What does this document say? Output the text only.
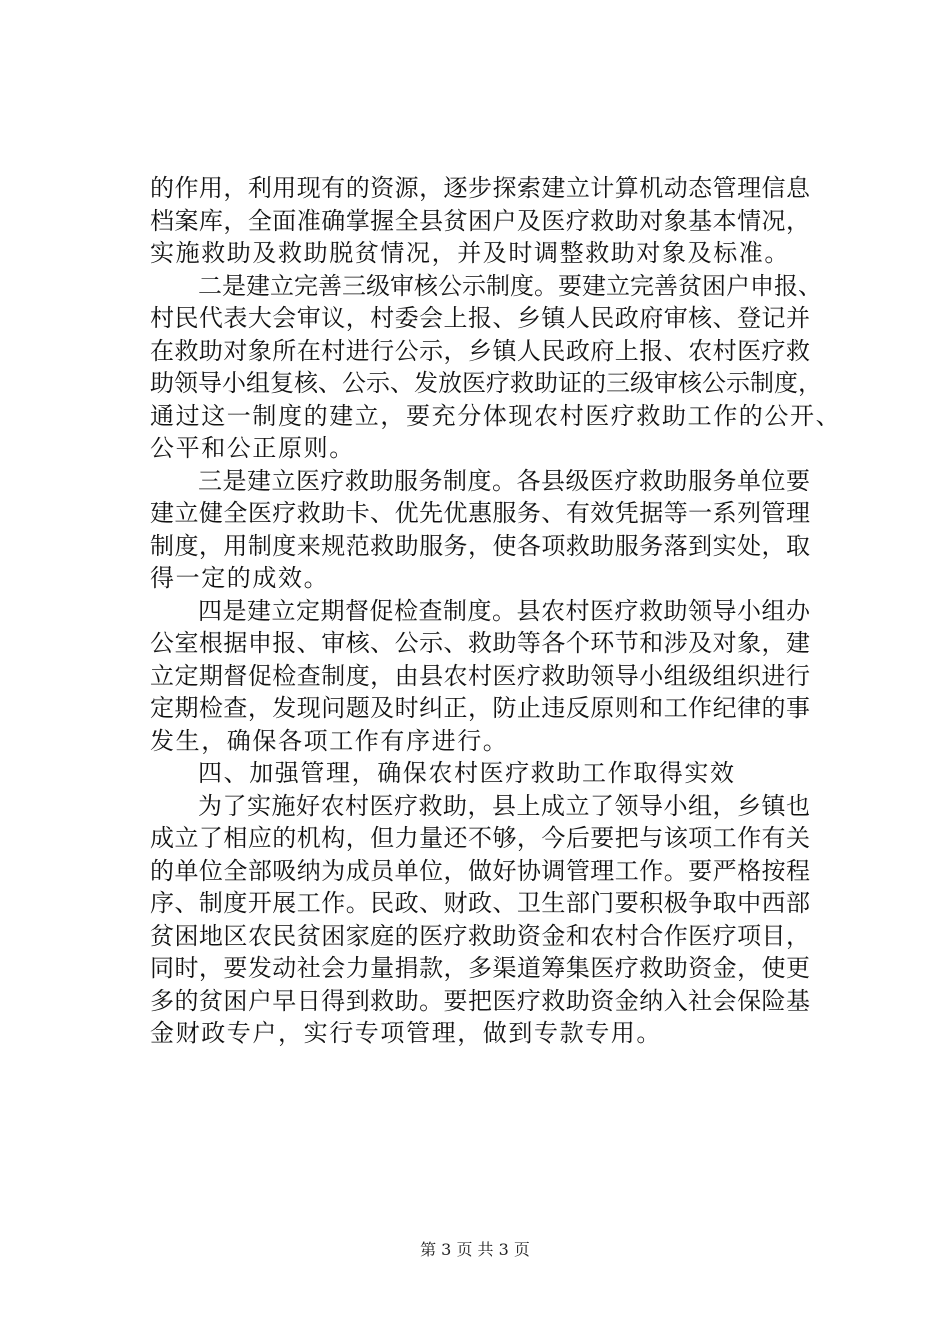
的作用，利用现有的资源，逐步探索建立计算机动态管理信息
档案库，全面准确掌握全县贫困户及医疗救助对象基本情况，
实施救助及救助脱贫情况，并及时调整救助对象及标准。
二是建立完善三级审核公示制度。要建立完善贫困户申报、
村民代表大会审议，村委会上报、乡镇人民政府审核、登记并
在救助对象所在村进行公示，乡镇人民政府上报、农村医疗救
助领导小组复核、公示、发放医疗救助证的三级审核公示制度，
通过这一制度的建立，要充分体现农村医疗救助工作的公开、
公平和公正原则。
三是建立医疗救助服务制度。各县级医疗救助服务单位要
建立健全医疗救助卡、优先优惠服务、有效凭据等一系列管理
制度，用制度来规范救助服务，使各项救助服务落到实处，取
得一定的成效。
四是建立定期督促检查制度。县农村医疗救助领导小组办
公室根据申报、审核、公示、救助等各个环节和涉及对象，建
立定期督促检查制度，由县农村医疗救助领导小组级组织进行
定期检查，发现问题及时纠正，防止违反原则和工作纪律的事
发生，确保各项工作有序进行。
四、加强管理，确保农村医疗救助工作取得实效
为了实施好农村医疗救助，县上成立了领导小组，乡镇也
成立了相应的机构，但力量还不够，今后要把与该项工作有关
的单位全部吸纳为成员单位，做好协调管理工作。要严格按程
序、制度开展工作。民政、财政、卫生部门要积极争取中西部
贫困地区农民贫困家庭的医疗救助资金和农村合作医疗项目，
同时，要发动社会力量捐款，多渠道筹集医疗救助资金，使更
多的贫困户早日得到救助。要把医疗救助资金纳入社会保险基
金财政专户，实行专项管理，做到专款专用。
第 3 页 共 3 页
